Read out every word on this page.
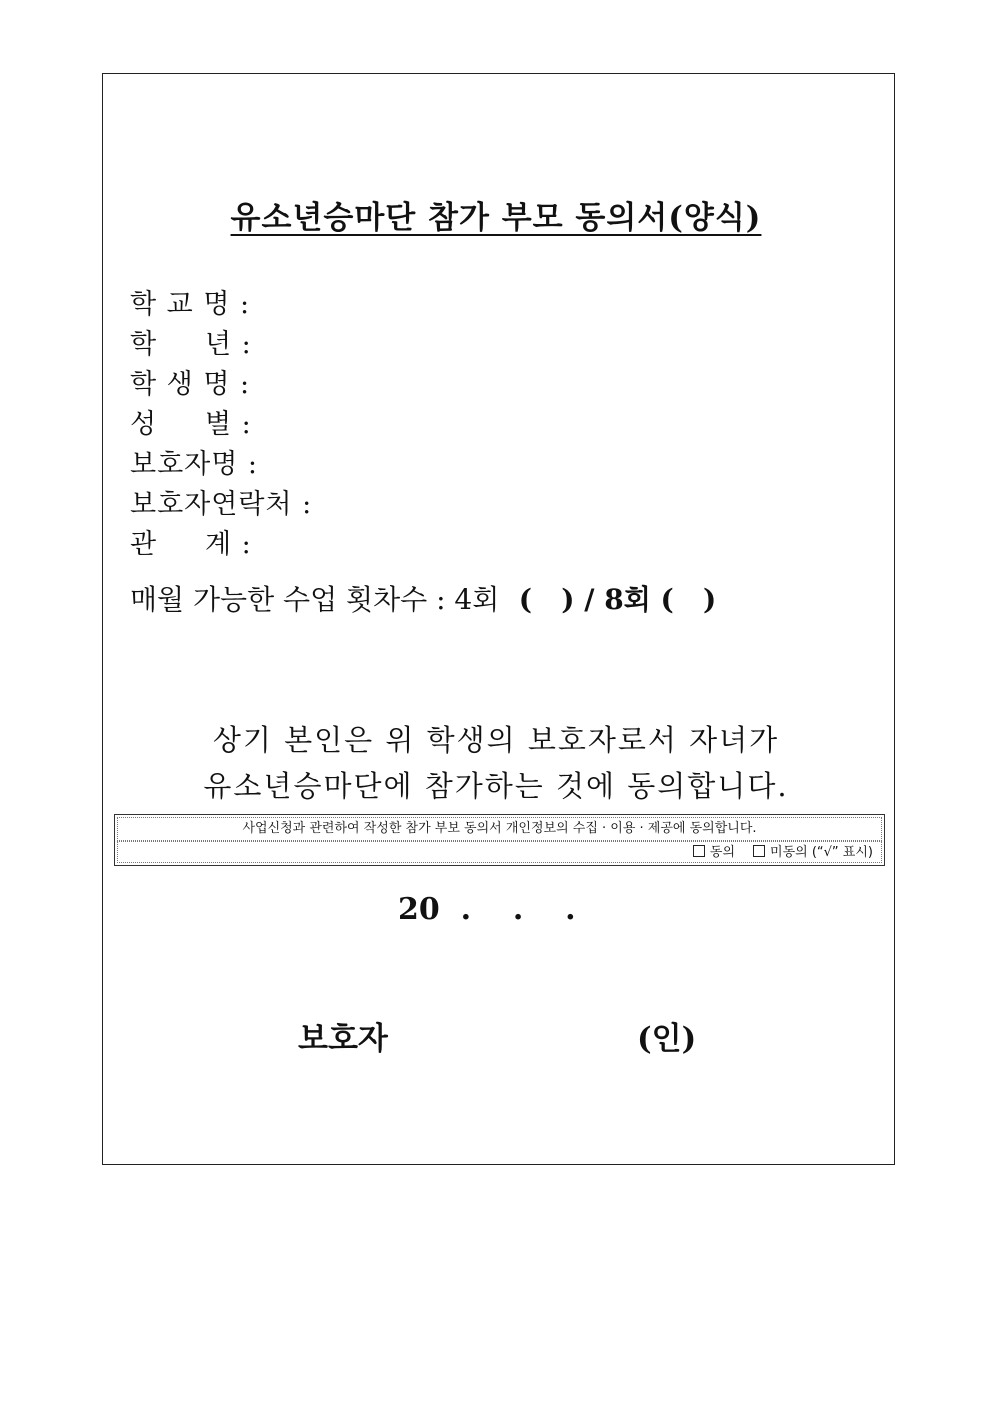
유소년승마단 참가 부모 동의서(양식)
학 교 명 :
학     년 :
학 생 명 :
성     별 :
보호자명 :
보호자연락처 :
관     계 :
매월 가능한 수업 횟차수 : 4회  (   ) / 8회 (   )
상기 본인은 위 학생의 보호자로서 자녀가
유소년승마단에 참가하는 것에 동의합니다.
사업신청과 관련하여 작성한 참가 부보 동의서 개인정보의 수집 · 이용 · 제공에 동의합니다.
동의	미동의 (“√” 표시)
20  .    .    .
보호자	(인)
